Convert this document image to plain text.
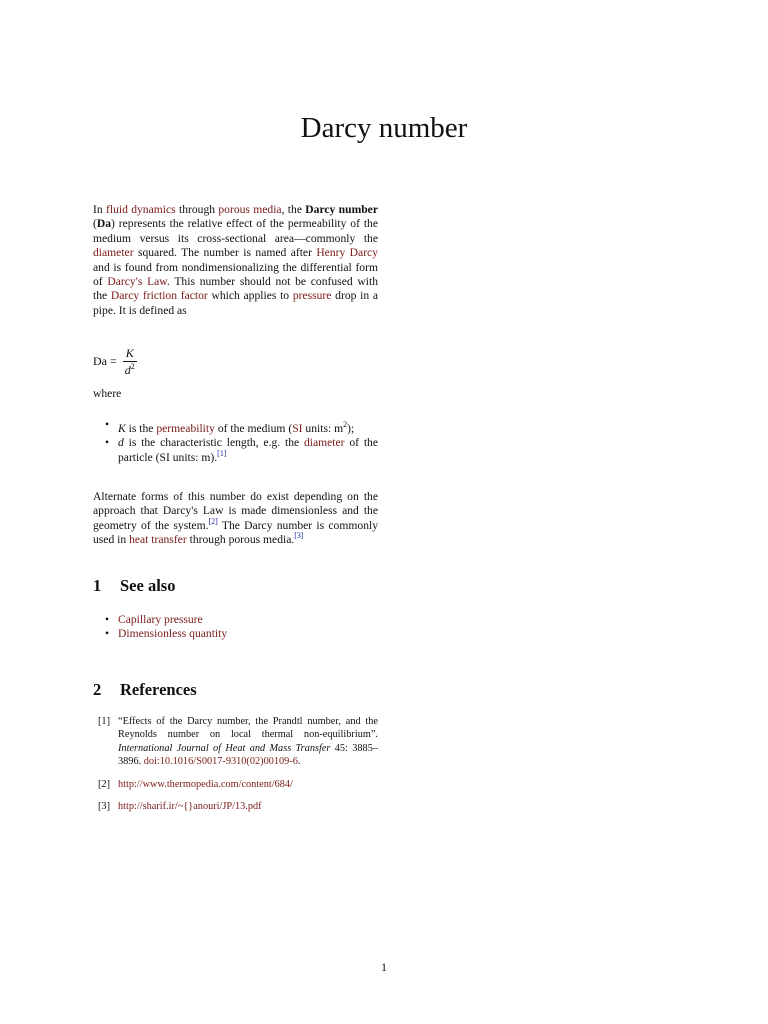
Darcy number

In fluid dynamics through porous media, the Darcy number (Da) represents the relative effect of the permeability of the medium versus its cross-sectional area—commonly the diameter squared. The number is named after Henry Darcy and is found from nondimensionalizing the differential form of Darcy's Law. This number should not be confused with the Darcy friction factor which applies to pressure drop in a pipe. It is defined as

$Da = \frac{K}{d^2}$
where
• K is the permeability of the medium (SI units: $m^2$);
• d is the characteristic length, e.g. the diameter of the particle (SI units: m).[1]

Alternate forms of this number do exist depending on the approach that Darcy's Law is made dimensionless and the geometry of the system.[2] The Darcy number is commonly used in heat transfer through porous media.[3]

1 See also
• Capillary pressure
• Dimensionless quantity
2 References
[1] “Effects of the Darcy number, the Prandtl number, and the Reynolds number on local thermal non-equilibrium”. International Journal of Heat and Mass Transfer 45: 3885–3896. doi:10.1016/S0017-9310(02)00109-6.
[2] http://www.thermopedia.com/content/684/
[3] http://sharif.ir/~{}anouri/JP/13.pdf
1
